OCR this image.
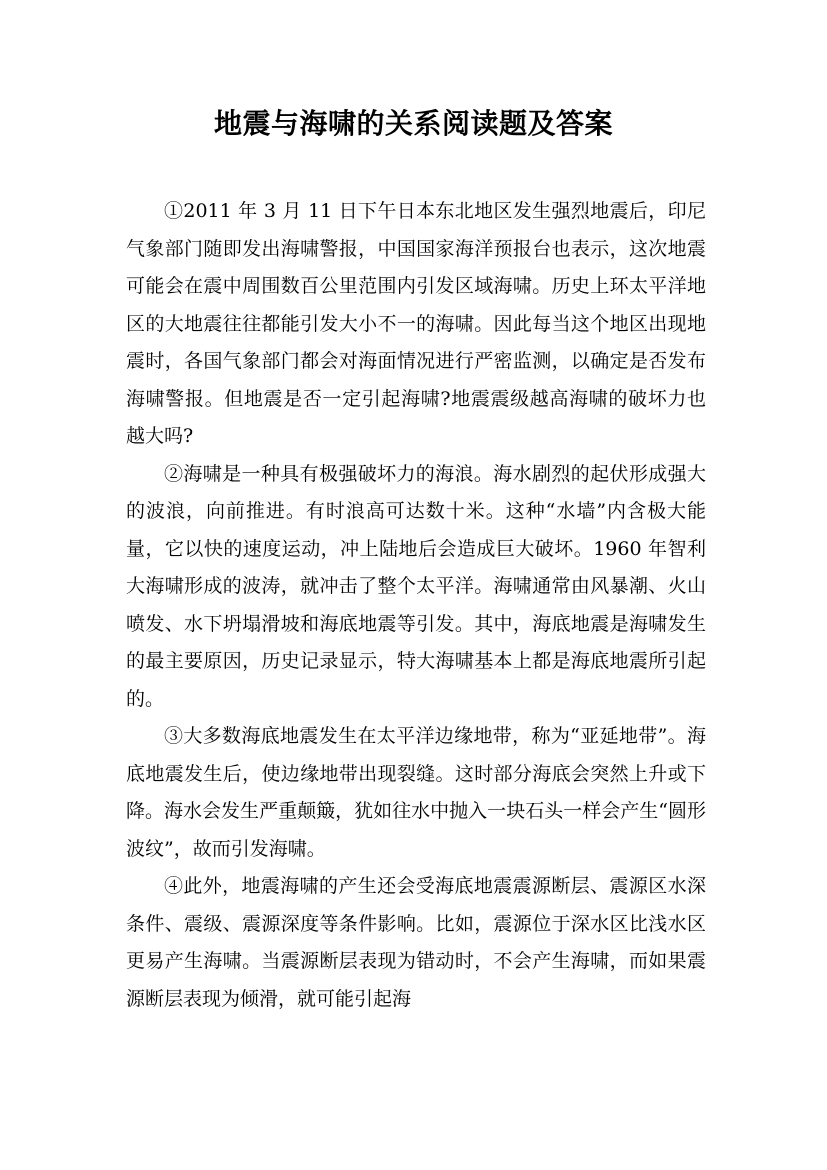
地震与海啸的关系阅读题及答案

①2011 年 3 月 11 日下午日本东北地区发生强烈地震后，印尼气象部门随即发出海啸警报，中国国家海洋预报台也表示，这次地震可能会在震中周围数百公里范围内引发区域海啸。历史上环太平洋地区的大地震往往都能引发大小不一的海啸。因此每当这个地区出现地震时，各国气象部门都会对海面情况进行严密监测，以确定是否发布海啸警报。但地震是否一定引起海啸?地震震级越高海啸的破坏力也越大吗?

②海啸是一种具有极强破坏力的海浪。海水剧烈的起伏形成强大的波浪，向前推进。有时浪高可达数十米。这种“水墙”内含极大能量，它以快的速度运动，冲上陆地后会造成巨大破坏。1960 年智利大海啸形成的波涛，就冲击了整个太平洋。海啸通常由风暴潮、火山喷发、水下坍塌滑坡和海底地震等引发。其中，海底地震是海啸发生的最主要原因，历史记录显示，特大海啸基本上都是海底地震所引起的。

③大多数海底地震发生在太平洋边缘地带，称为“亚延地带”。海底地震发生后，使边缘地带出现裂缝。这时部分海底会突然上升或下降。海水会发生严重颠簸，犹如往水中抛入一块石头一样会产生“圆形波纹”，故而引发海啸。

④此外，地震海啸的产生还会受海底地震震源断层、震源区水深条件、震级、震源深度等条件影响。比如，震源位于深水区比浅水区更易产生海啸。当震源断层表现为错动时，不会产生海啸，而如果震源断层表现为倾滑，就可能引起海
